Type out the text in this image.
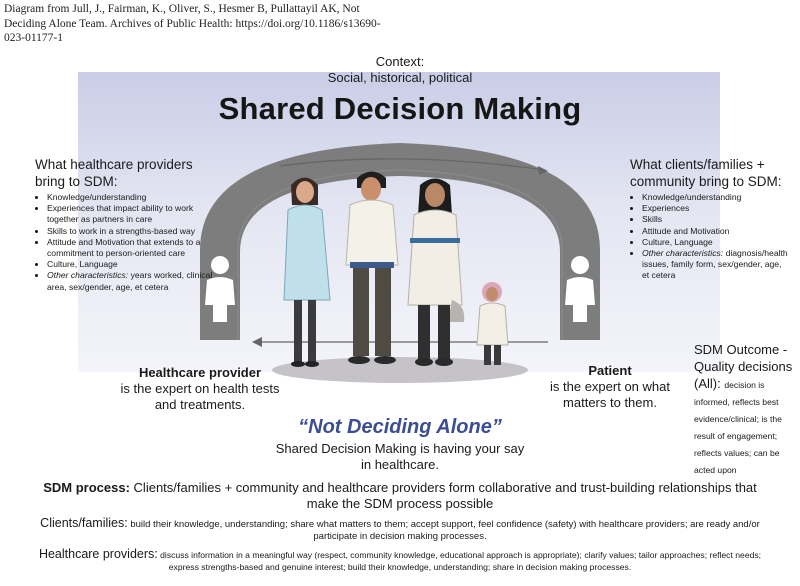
Diagram from Jull, J., Fairman, K., Oliver, S., Hesmer B, Pullattayil AK, Not Deciding Alone Team. Archives of Public Health: https://doi.org/10.1186/s13690-023-01177-1
Context:
Social, historical, political
Shared Decision Making
What healthcare providers bring to SDM:
• Knowledge/understanding
• Experiences that impact ability to work together as partners in care
• Skills to work in a strengths-based way
• Attitude and Motivation that extends to a commitment to person-oriented care
• Culture, Language
• Other characteristics: years worked, clinical area, sex/gender, age, et cetera
What clients/families + community bring to SDM:
• Knowledge/understanding
• Experiences
• Skills
• Attitude and Motivation
• Culture, Language
• Other characteristics: diagnosis/health issues, family form, sex/gender, age, et cetera
Healthcare provider
is the expert on health tests and treatments.
Patient
is the expert on what matters to them.
SDM Outcome - Quality decisions (All): decision is informed, reflects best evidence/clinical; is the result of engagement; reflects values; can be acted upon
“Not Deciding Alone”
Shared Decision Making is having your say in healthcare.
SDM process: Clients/families + community and healthcare providers form collaborative and trust-building relationships that make the SDM process possible
Clients/families: build their knowledge, understanding; share what matters to them; accept support, feel confidence (safety) with healthcare providers; are ready and/or participate in decision making processes.
Healthcare providers: discuss information in a meaningful way (respect, community knowledge, educational approach is appropriate); clarify values; tailor approaches; reflect needs; express strengths-based and genuine interest; build their knowledge, understanding; share in decision making processes.
